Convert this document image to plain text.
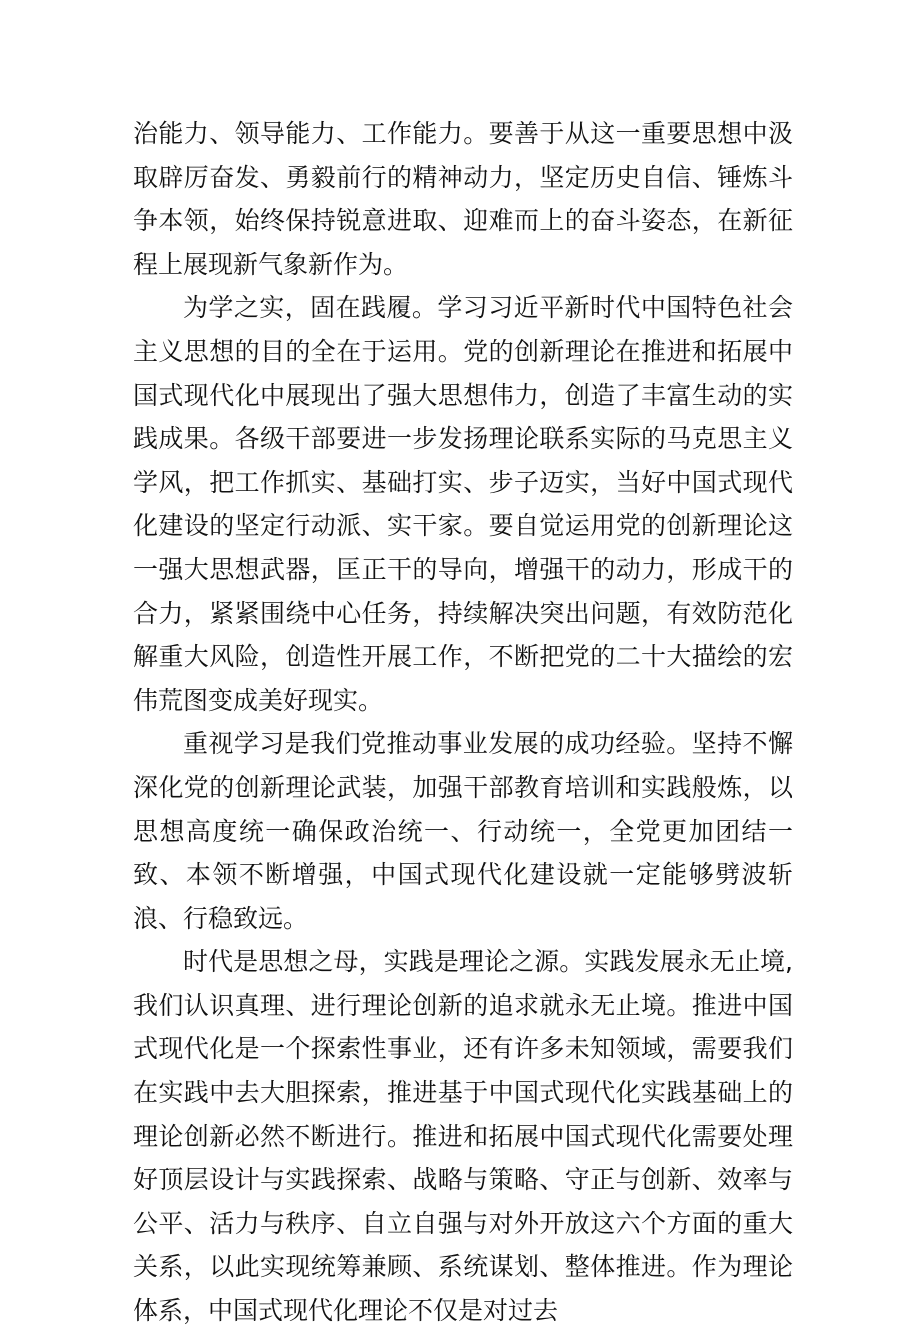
治能力、领导能力、工作能力。要善于从这一重要思想中汲取辟厉奋发、勇毅前行的精神动力，坚定历史自信、锤炼斗争本领，始终保持锐意进取、迎难而上的奋斗姿态，在新征程上展现新气象新作为。

为学之实，固在践履。学习习近平新时代中国特色社会主义思想的目的全在于运用。党的创新理论在推进和拓展中国式现代化中展现出了强大思想伟力，创造了丰富生动的实践成果。各级干部要进一步发扬理论联系实际的马克思主义学风，把工作抓实、基础打实、步子迈实，当好中国式现代化建设的坚定行动派、实干家。要自觉运用党的创新理论这一强大思想武器，匡正干的导向，增强干的动力，形成干的合力，紧紧围绕中心任务，持续解决突出问题，有效防范化解重大风险，创造性开展工作，不断把党的二十大描绘的宏伟荒图变成美好现实。

重视学习是我们党推动事业发展的成功经验。坚持不懈深化党的创新理论武装，加强干部教育培训和实践般炼，以思想高度统一确保政治统一、行动统一，全党更加团结一致、本领不断增强，中国式现代化建设就一定能够劈波斩浪、行稳致远。

时代是思想之母，实践是理论之源。实践发展永无止境,我们认识真理、进行理论创新的追求就永无止境。推进中国式现代化是一个探索性事业，还有许多未知领域，需要我们在实践中去大胆探索，推进基于中国式现代化实践基础上的理论创新必然不断进行。推进和拓展中国式现代化需要处理好顶层设计与实践探索、战略与策略、守正与创新、效率与公平、活力与秩序、自立自强与对外开放这六个方面的重大关系，以此实现统筹兼顾、系统谋划、整体推进。作为理论体系，中国式现代化理论不仅是对过去
